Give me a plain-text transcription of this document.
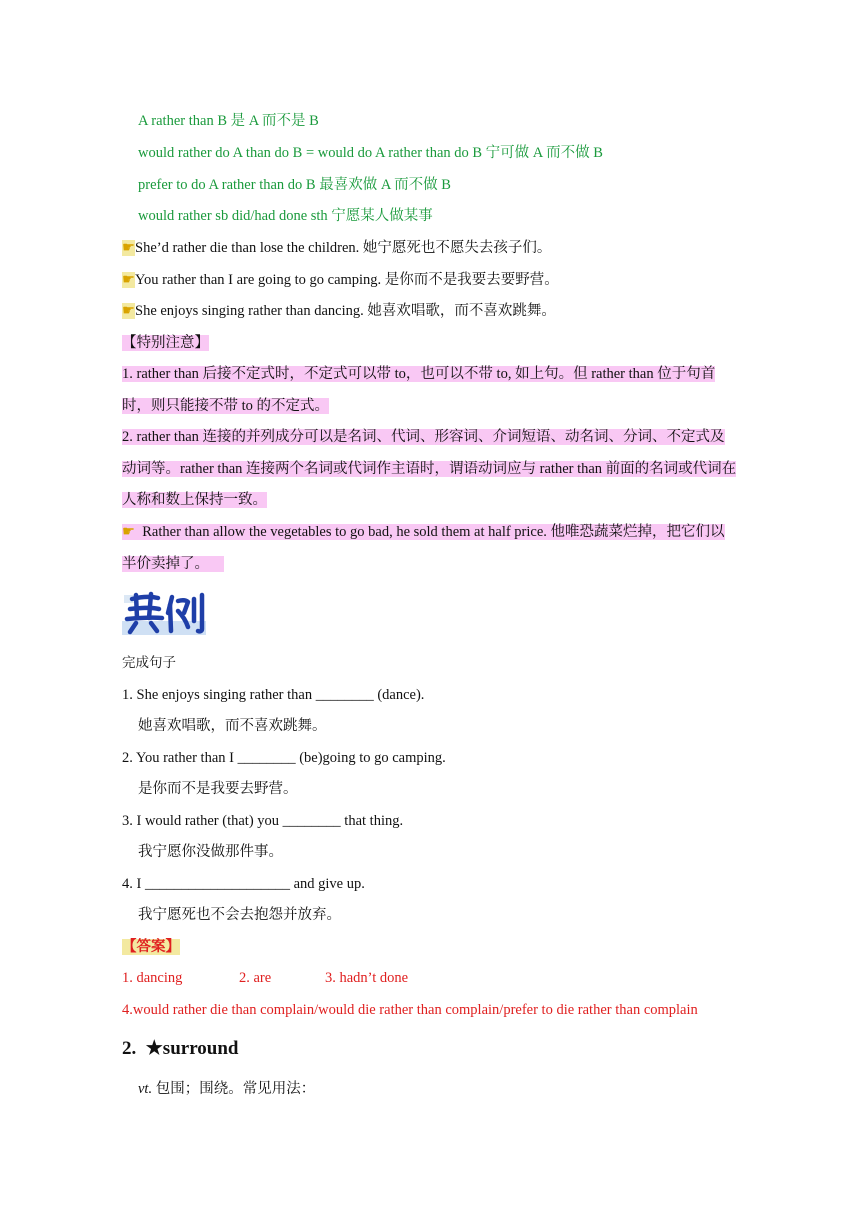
A rather than B 是 A 而不是 B
would rather do A than do B = would do A rather than do B 宁可做 A 而不做 B
prefer to do A rather than do B 最喜欢做 A 而不做 B
would rather sb did/had done sth 宁愿某人做某事
☛She’d rather die than lose the children. 她宁愿死也不愿失去孩子们。
☛You rather than I are going to go camping. 是你而不是我要去要野营。
☛She enjoys singing rather than dancing. 她喜欢唱歌，而不喜欢跳舞。
【特别注意】
1. rather than 后接不定式时，不定式可以带 to，也可以不带 to, 如上句。但 rather than 位于句首时，则只能接不带 to 的不定式。
2. rather than 连接的并列成分可以是名词、代词、形容词、介词短语、动名词、分词、不定式及动词等。rather than 连接两个名词或代词作主语时，谓语动词应与 rather than 前面的名词或代词在人称和数上保持一致。
☛ Rather than allow the vegetables to go bad, he sold them at half price. 他唯恐蔬菜烂掉，把它们以半价卖掉了。
完成句子
1. She enjoys singing rather than ________ (dance).
她喜欢唱歌，而不喜欢跳舞。
2. You rather than I ________ (be)going to go camping.
是你而不是我要去野营。
3. I would rather (that) you ________ that thing.
我宁愿你没做那件事。
4. I ____________________ and give up.
我宁愿死也不会去抱怨并放弃。
【答案】
1. dancing	2. are	3. hadn’t done
4.would rather die than complain/would die rather than complain/prefer to die rather than complain
2. ★surround
vt. 包围；围绕。常见用法：
